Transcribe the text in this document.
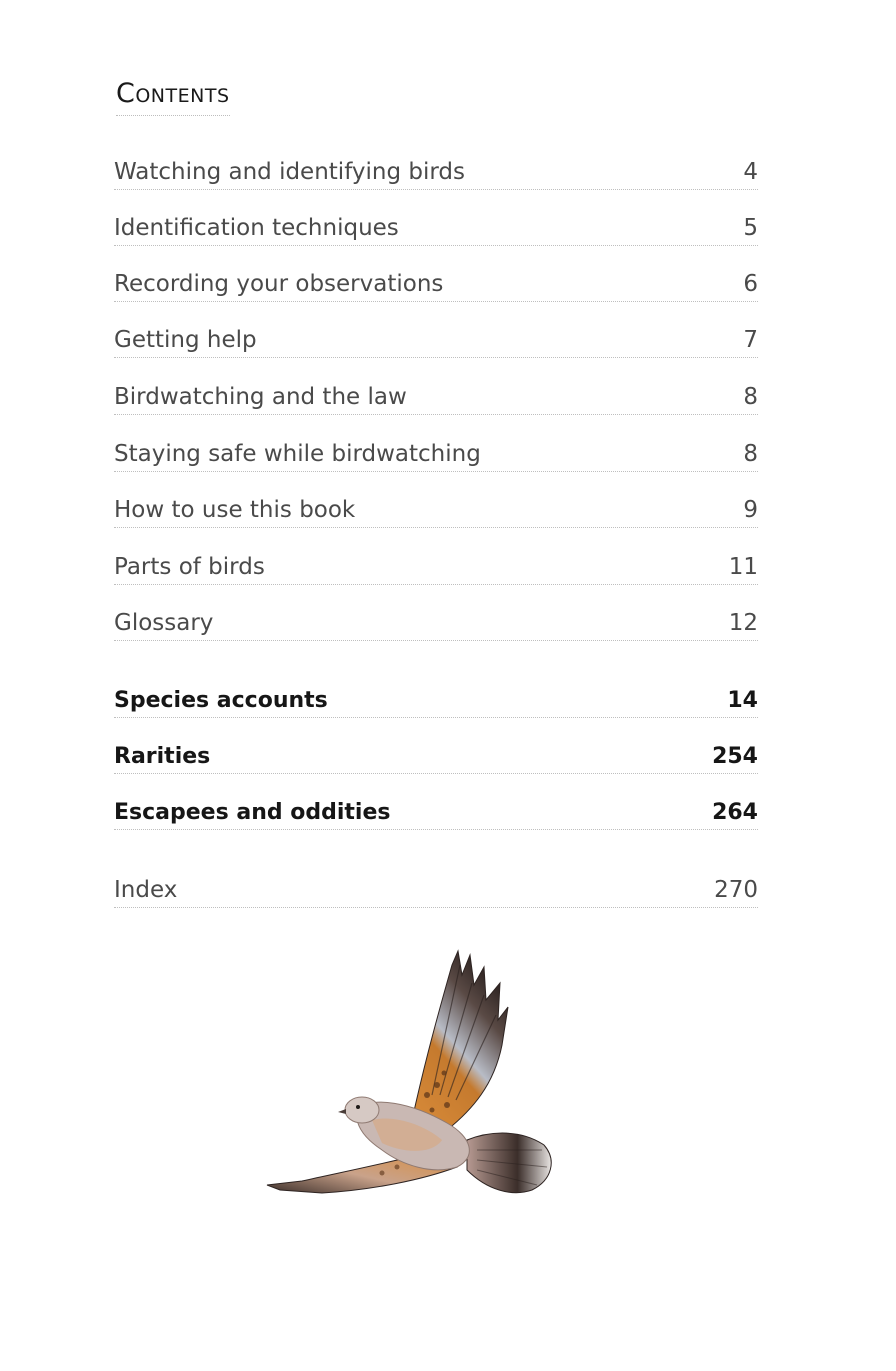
Contents
Watching and identifying birds	4
Identification techniques	5
Recording your observations	6
Getting help	7
Birdwatching and the law	8
Staying safe while birdwatching	8
How to use this book	9
Parts of birds	11
Glossary	12
Species accounts	14
Rarities	254
Escapees and oddities	264
Index	270
